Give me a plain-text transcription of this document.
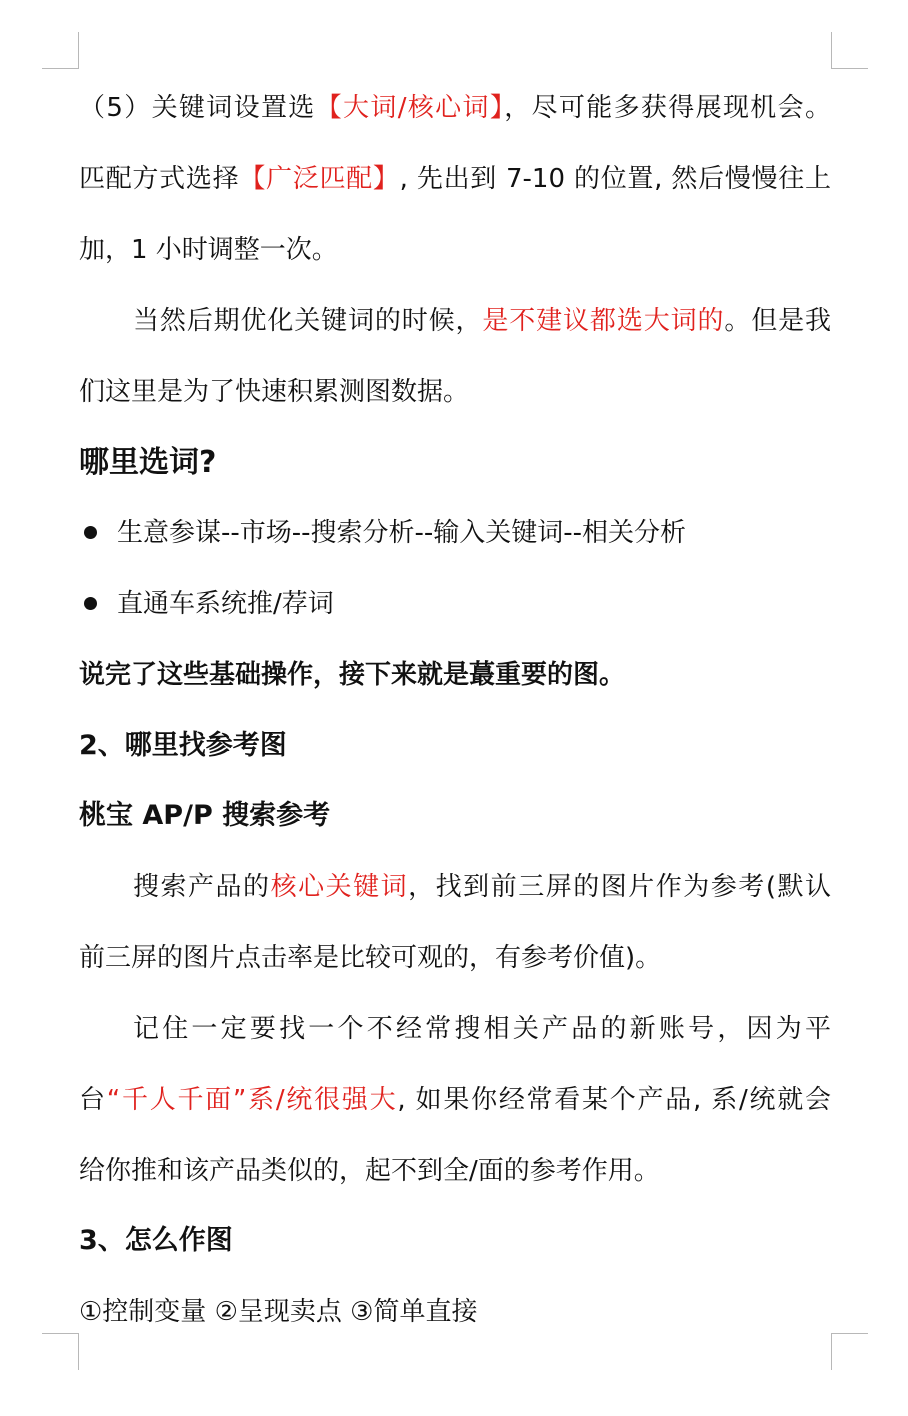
（5）关键词设置选【大词/核心词】，尽可能多获得展现机会。
匹配方式选择【广泛匹配】, 先出到 7-10 的位置, 然后慢慢往上
加，1 小时调整一次。
当然后期优化关键词的时候，是不建议都选大词的。但是我
们这里是为了快速积累测图数据。
哪里选词?
生意参谋--市场--搜索分析--输入关键词--相关分析
直通车系统推/荐词
说完了这些基础操作，接下来就是蕞重要的图。
2、哪里找参考图
桃宝 AP/P 搜索参考
搜索产品的核心关键词，找到前三屏的图片作为参考(默认
前三屏的图片点击率是比较可观的，有参考价值)。
记住一定要找一个不经常搜相关产品的新账号，因为平
台“千人千面”系/统很强大, 如果你经常看某个产品, 系/统就会
给你推和该产品类似的，起不到全/面的参考作用。
3、怎么作图
①控制变量 ②呈现卖点 ③简单直接
